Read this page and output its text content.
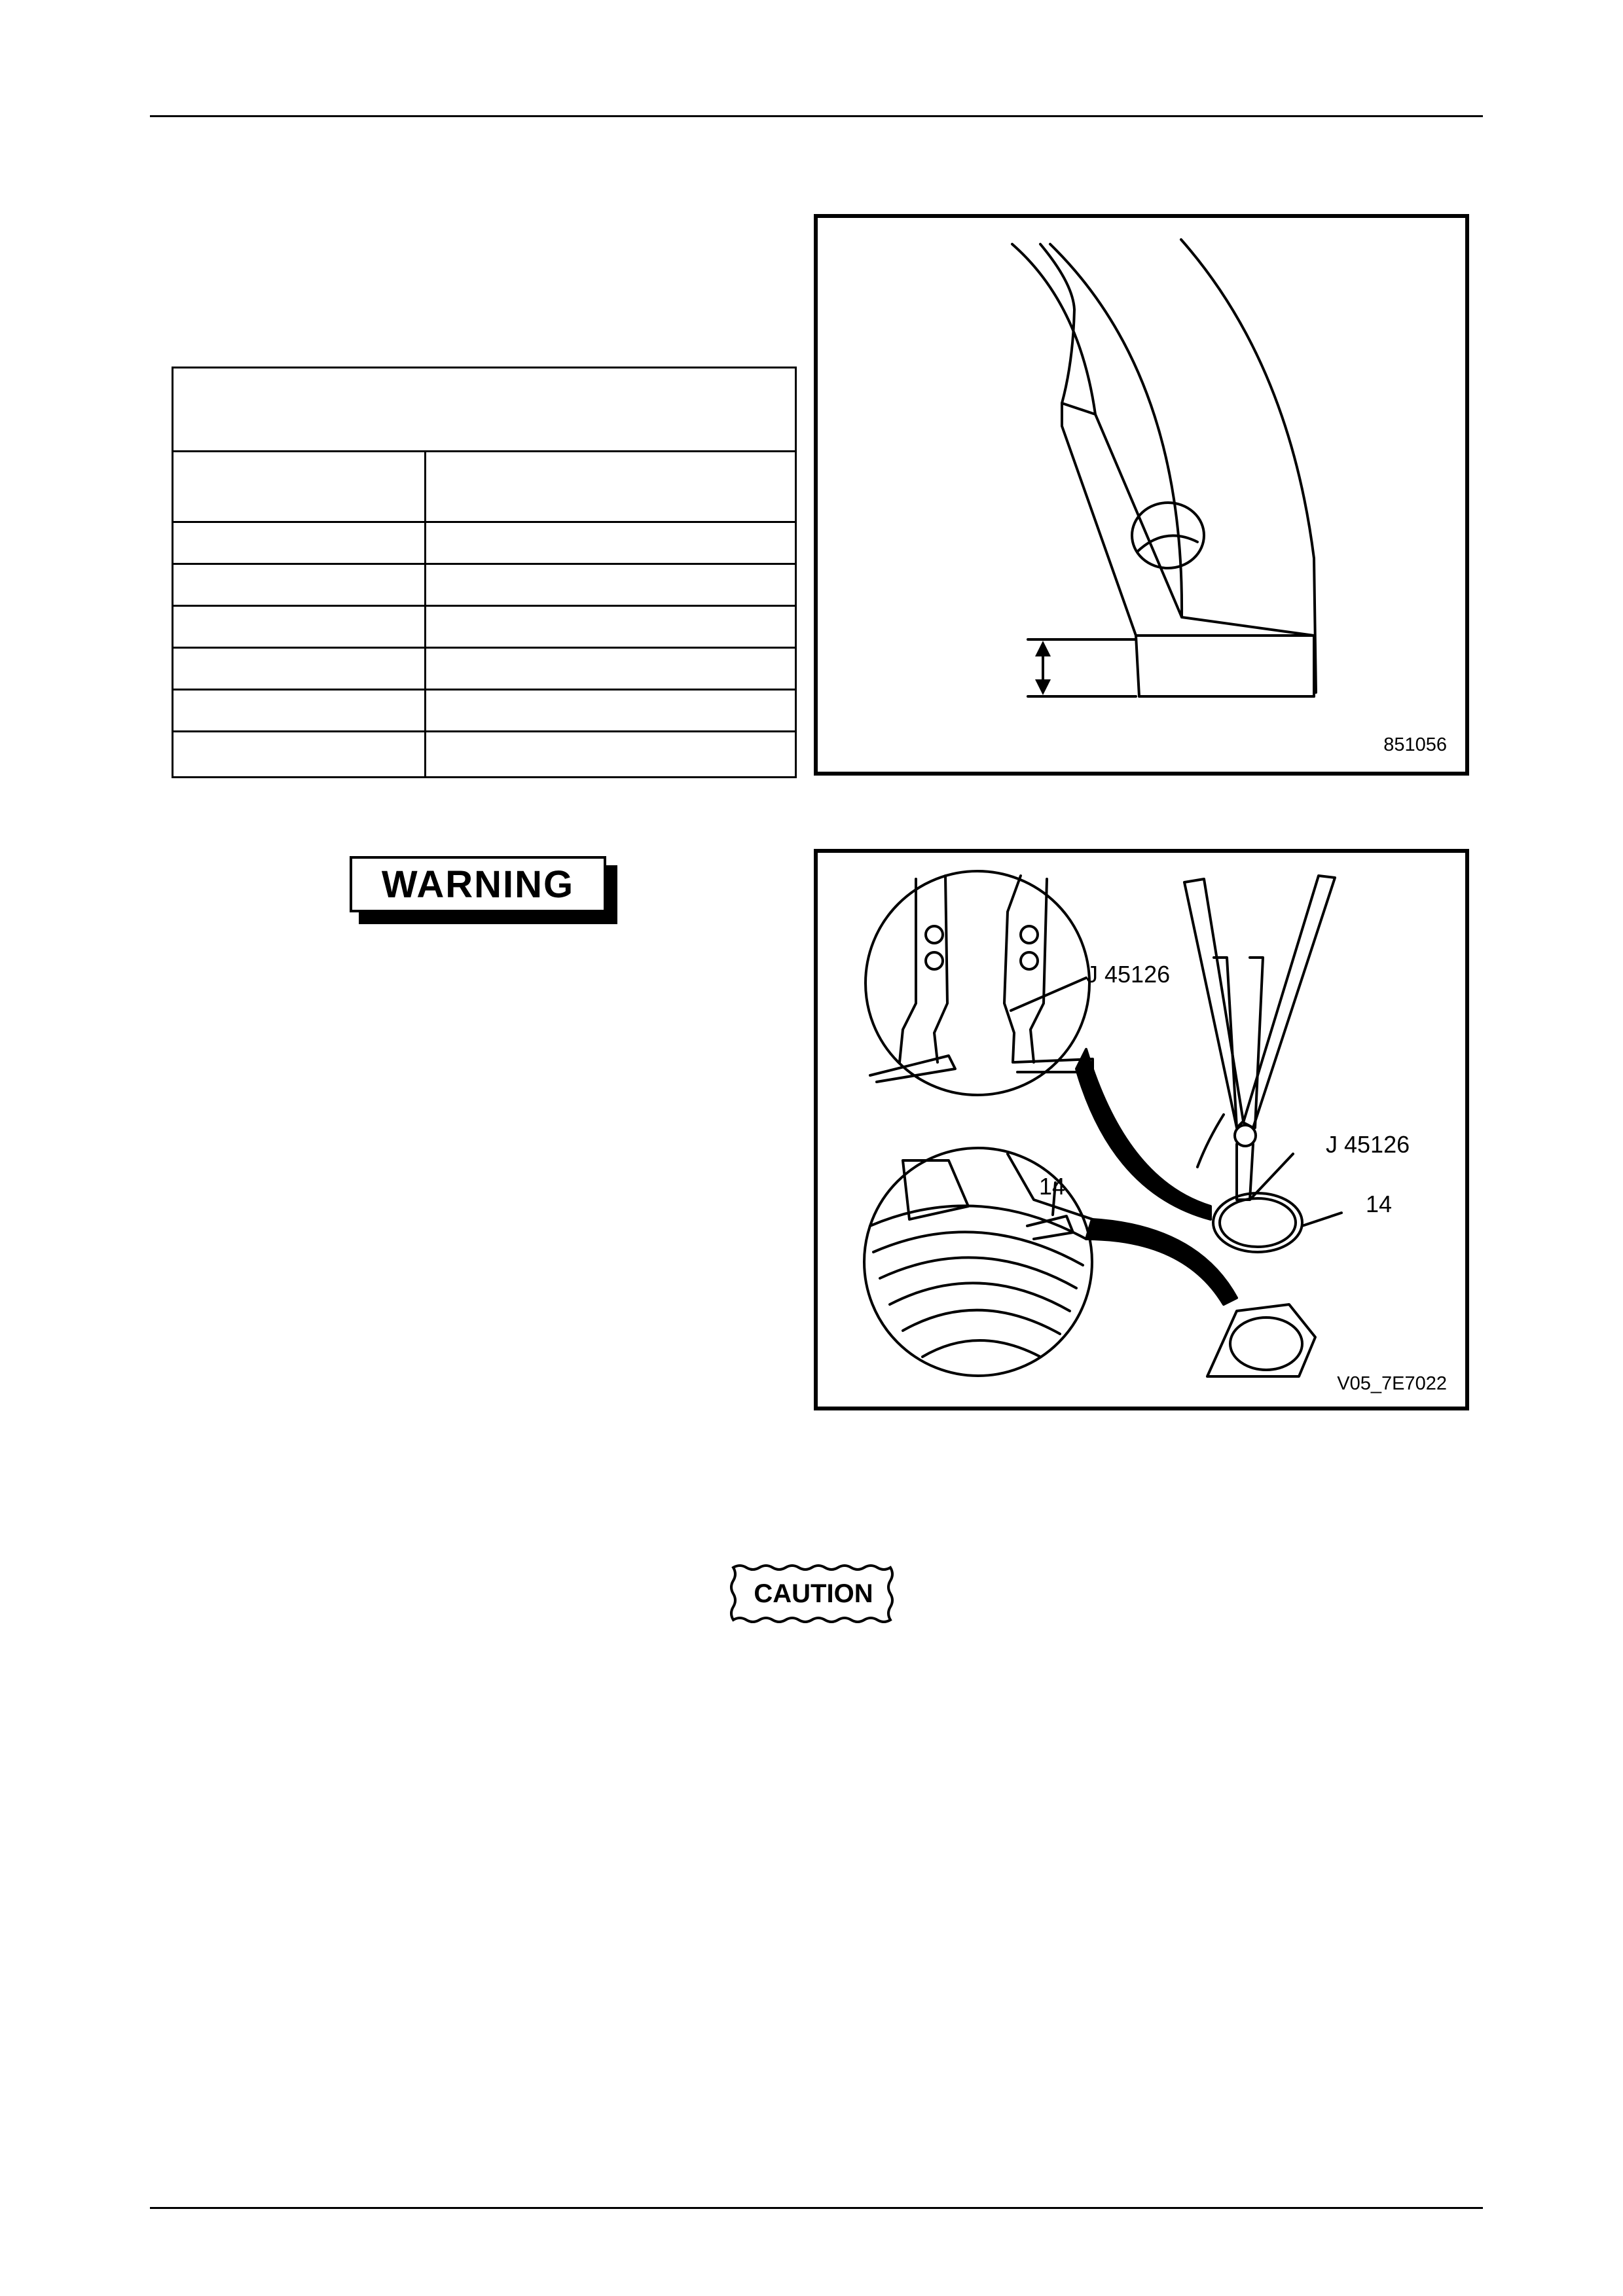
851056
WARNING
J 45126
J 45126
14
14
V05_7E7022
CAUTION
